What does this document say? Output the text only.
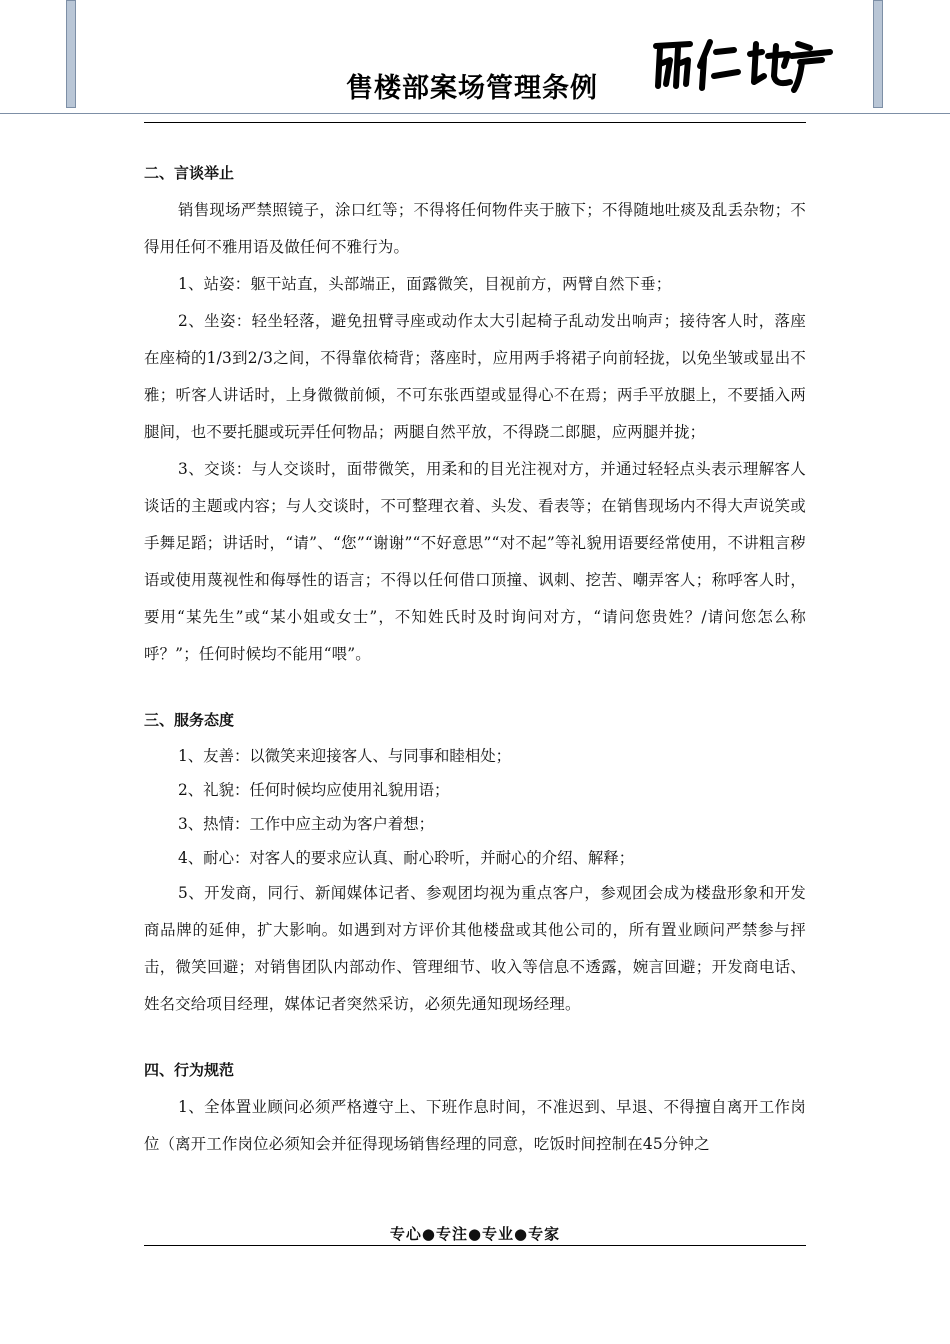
售楼部案场管理条例
二、言谈举止

销售现场严禁照镜子，涂口红等；不得将任何物件夹于腋下；不得随地吐痰及乱丢杂物；不得用任何不雅用语及做任何不雅行为。

1、站姿：躯干站直，头部端正，面露微笑，目视前方，两臂自然下垂；

2、坐姿：轻坐轻落，避免扭臂寻座或动作太大引起椅子乱动发出响声；接待客人时，落座在座椅的1/3到2/3之间，不得靠依椅背；落座时，应用两手将裙子向前轻拢，以免坐皱或显出不雅；听客人讲话时，上身微微前倾，不可东张西望或显得心不在焉；两手平放腿上，不要插入两腿间，也不要托腿或玩弄任何物品；两腿自然平放，不得跷二郎腿，应两腿并拢；

3、交谈：与人交谈时，面带微笑，用柔和的目光注视对方，并通过轻轻点头表示理解客人谈话的主题或内容；与人交谈时，不可整理衣着、头发、看表等；在销售现场内不得大声说笑或手舞足蹈；讲话时，“请”、“您”“谢谢”“不好意思”“对不起”等礼貌用语要经常使用，不讲粗言秽语或使用蔑视性和侮辱性的语言；不得以任何借口顶撞、讽刺、挖苦、嘲弄客人；称呼客人时，要用“某先生”或“某小姐或女士”，不知姓氏时及时询问对方，“请问您贵姓？/请问您怎么称呼？”；任何时候均不能用“喂”。

三、服务态度

1、友善：以微笑来迎接客人、与同事和睦相处；

2、礼貌：任何时候均应使用礼貌用语；

3、热情：工作中应主动为客户着想；

4、耐心：对客人的要求应认真、耐心聆听，并耐心的介绍、解释；

5、开发商，同行、新闻媒体记者、参观团均视为重点客户，参观团会成为楼盘形象和开发商品牌的延伸，扩大影响。如遇到对方评价其他楼盘或其他公司的，所有置业顾问严禁参与抨击，微笑回避；对销售团队内部动作、管理细节、收入等信息不透露，婉言回避；开发商电话、姓名交给项目经理，媒体记者突然采访，必须先通知现场经理。

四、行为规范

1、全体置业顾问必须严格遵守上、下班作息时间，不准迟到、早退、不得擅自离开工作岗位（离开工作岗位必须知会并征得现场销售经理的同意，吃饭时间控制在45分钟之

专心●专注●专业●专家
